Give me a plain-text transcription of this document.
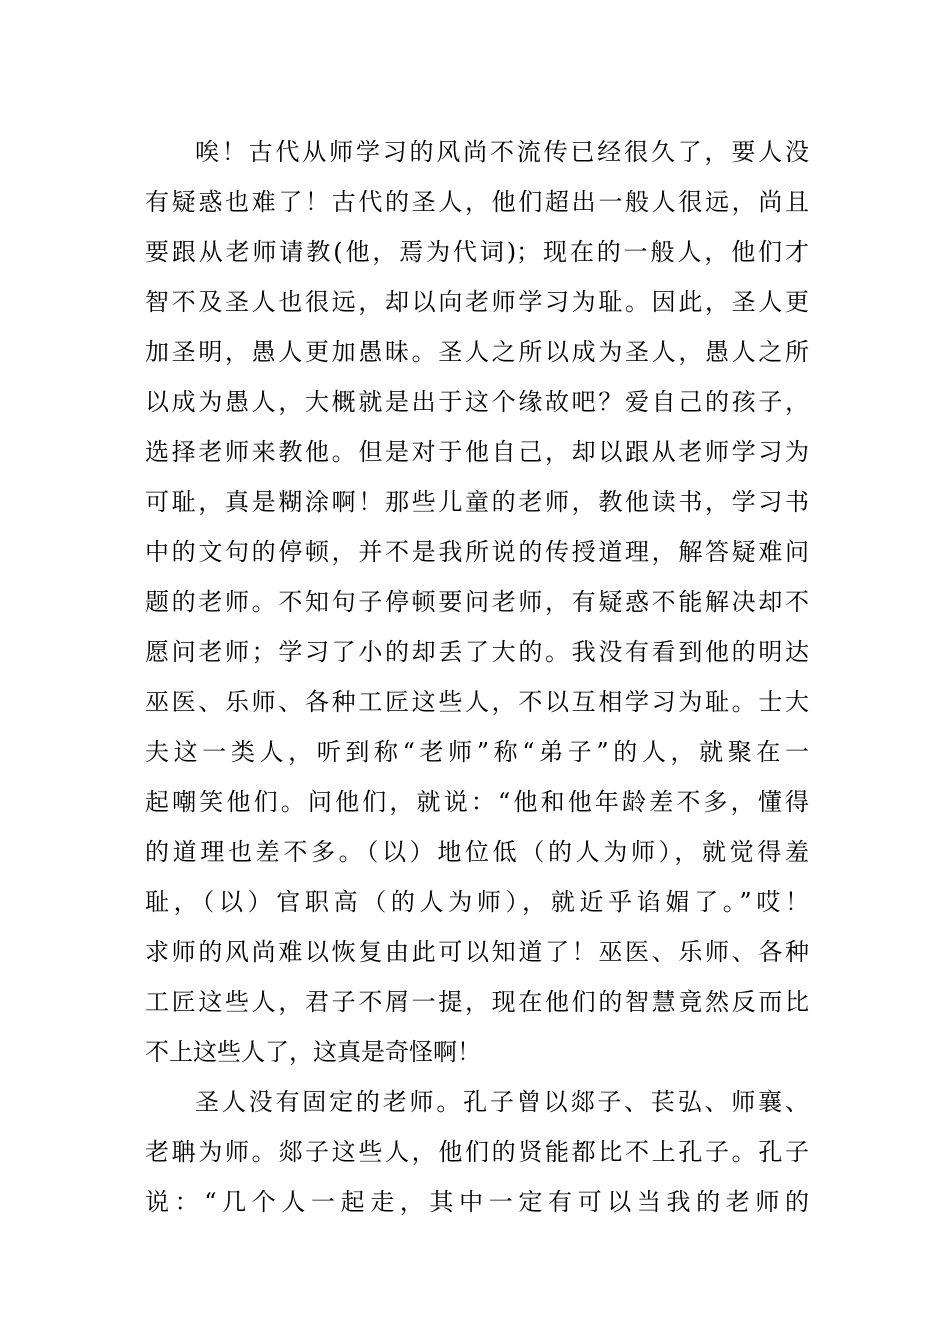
唉！古代从师学习的风尚不流传已经很久了，要人没
有疑惑也难了！古代的圣人，他们超出一般人很远，尚且
要跟从老师请教(他，焉为代词)；现在的一般人，他们才
智不及圣人也很远，却以向老师学习为耻。因此，圣人更
加圣明，愚人更加愚昧。圣人之所以成为圣人，愚人之所
以成为愚人，大概就是出于这个缘故吧？爱自己的孩子，
选择老师来教他。但是对于他自己，却以跟从老师学习为
可耻，真是糊涂啊！那些儿童的老师，教他读书，学习书
中的文句的停顿，并不是我所说的传授道理，解答疑难问
题的老师。不知句子停顿要问老师，有疑惑不能解决却不
愿问老师；学习了小的却丢了大的。我没有看到他的明达
巫医、乐师、各种工匠这些人，不以互相学习为耻。士大
夫这一类人，听到称“老师”称“弟子”的人，就聚在一
起嘲笑他们。问他们，就说：“他和他年龄差不多，懂得
的道理也差不多。（以）地位低（的人为师），就觉得羞
耻，（以）官职高（的人为师），就近乎谄媚了。”哎！
求师的风尚难以恢复由此可以知道了！巫医、乐师、各种
工匠这些人，君子不屑一提，现在他们的智慧竟然反而比
不上这些人了，这真是奇怪啊！
圣人没有固定的老师。孔子曾以郯子、苌弘、师襄、
老聃为师。郯子这些人，他们的贤能都比不上孔子。孔子
说：“几个人一起走，其中一定有可以当我的老师的
